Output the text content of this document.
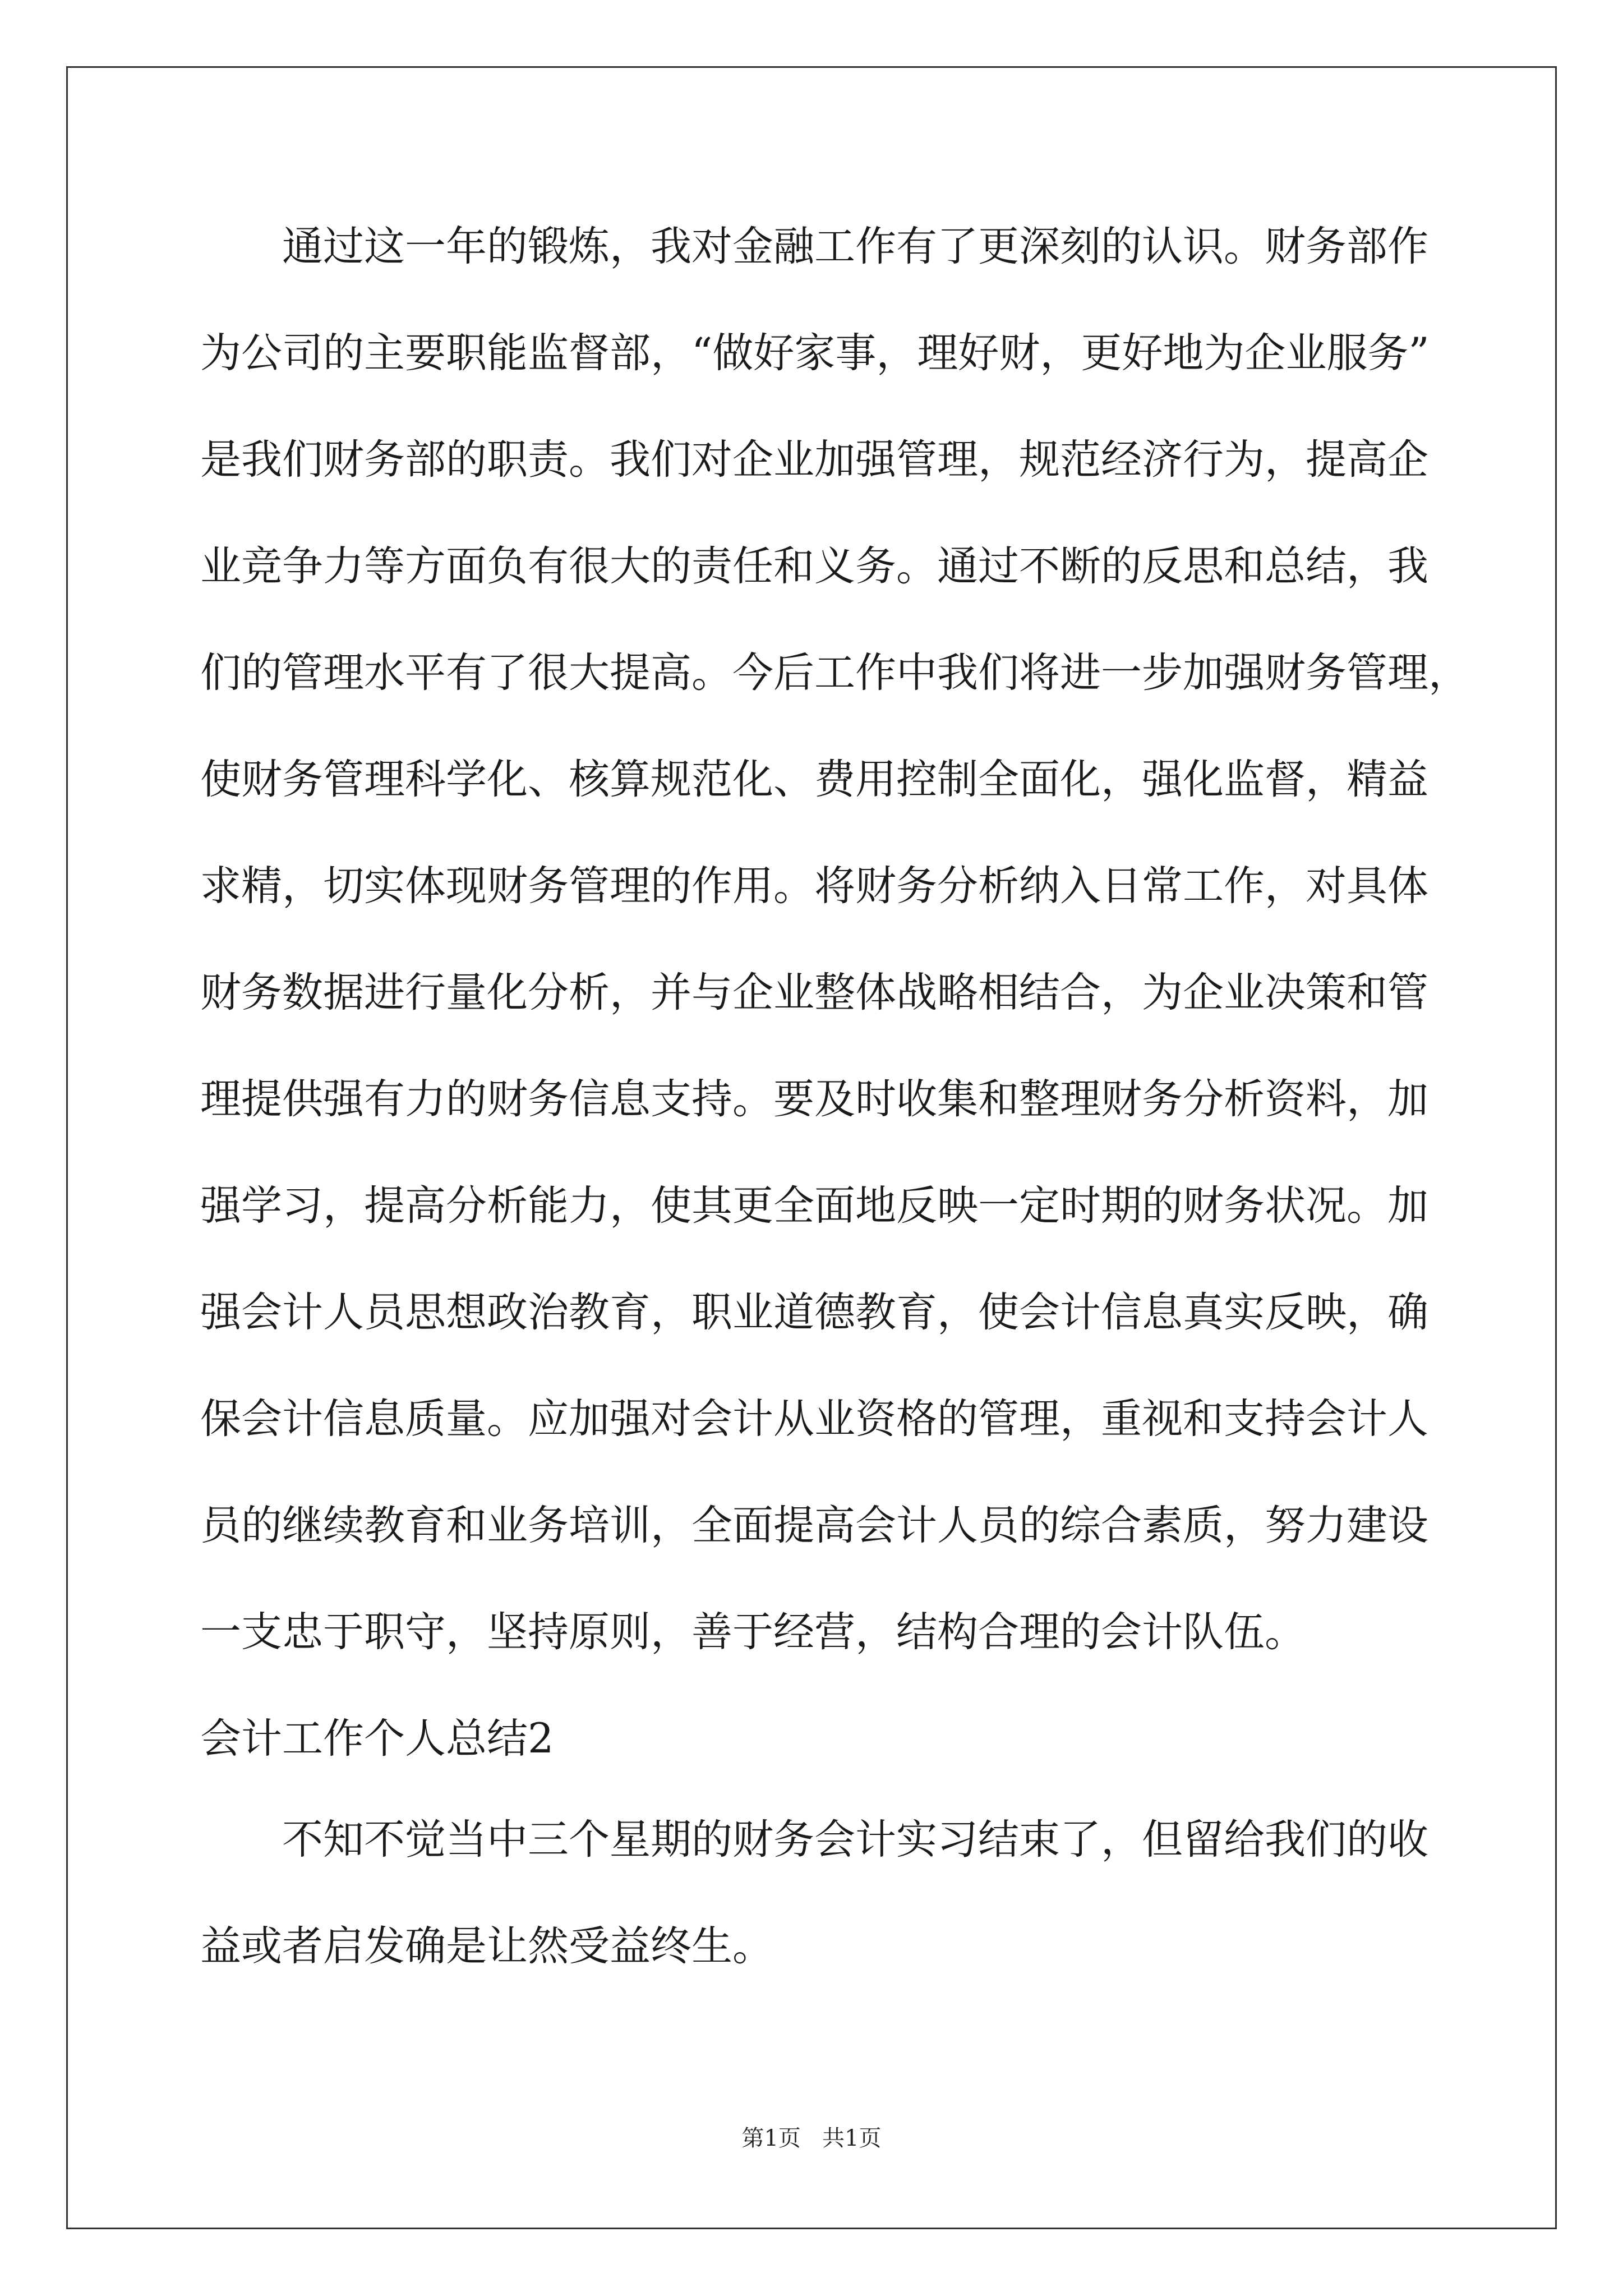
通过这一年的锻炼，我对金融工作有了更深刻的认识。财务部作
为公司的主要职能监督部，“做好家事，理好财，更好地为企业服务”
是我们财务部的职责。我们对企业加强管理，规范经济行为，提高企
业竞争力等方面负有很大的责任和义务。通过不断的反思和总结，我
们的管理水平有了很大提高。今后工作中我们将进一步加强财务管理，
使财务管理科学化、核算规范化、费用控制全面化，强化监督，精益
求精，切实体现财务管理的作用。将财务分析纳入日常工作，对具体
财务数据进行量化分析，并与企业整体战略相结合，为企业决策和管
理提供强有力的财务信息支持。要及时收集和整理财务分析资料，加
强学习，提高分析能力，使其更全面地反映一定时期的财务状况。加
强会计人员思想政治教育，职业道德教育，使会计信息真实反映，确
保会计信息质量。应加强对会计从业资格的管理，重视和支持会计人
员的继续教育和业务培训，全面提高会计人员的综合素质，努力建设
一支忠于职守，坚持原则，善于经营，结构合理的会计队伍。
会计工作个人总结2
不知不觉当中三个星期的财务会计实习结束了，但留给我们的收
益或者启发确是让然受益终生。
第1页   共1页
